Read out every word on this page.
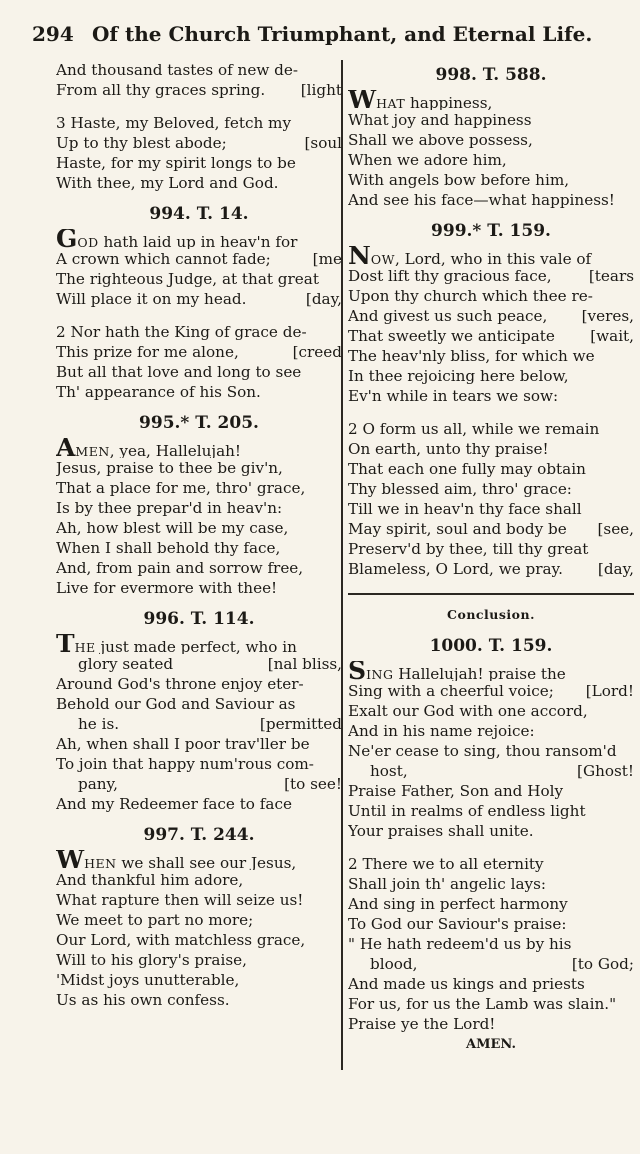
294 Of the Church Triumphant, and Eternal Life.
And thousand tastes of new de-
From all thy graces spring.	[light
3 Haste, my Beloved, fetch my
Up to thy blest abode;	[soul
Haste, for my spirit longs to be
With thee, my Lord and God.
994. T. 14.
GOD hath laid up in heav'n for
A crown which cannot fade;	[me
The righteous Judge, at that great
Will place it on my head.	[day,
2 Nor hath the King of grace de-
This prize for me alone,	[creed
But all that love and long to see
Th' appearance of his Son.
995.* T. 205.
AMEN, yea, Hallelujah!
Jesus, praise to thee be giv'n,
That a place for me, thro' grace,
Is by thee prepar'd in heav'n:
Ah, how blest will be my case,
When I shall behold thy face,
And, from pain and sorrow free,
Live for evermore with thee!
996. T. 114.
THE just made perfect, who in
glory seated	[nal bliss,
Around God's throne enjoy eter-
Behold our God and Saviour as
he is.	[permitted
Ah, when shall I poor trav'ller be
To join that happy num'rous com-
pany,	[to see!
And my Redeemer face to face
997. T. 244.
WHEN we shall see our Jesus,
And thankful him adore,
What rapture then will seize us!
We meet to part no more;
Our Lord, with matchless grace,
Will to his glory's praise,
'Midst joys unutterable,
Us as his own confess.
998. T. 588.
WHAT happiness,
What joy and happiness
Shall we above possess,
When we adore him,
With angels bow before him,
And see his face—what happiness!
999.* T. 159.
NOW, Lord, who in this vale of
Dost lift thy gracious face,	[tears
Upon thy church which thee re-
And givest us such peace,	[veres,
That sweetly we anticipate	[wait,
The heav'nly bliss, for which we
In thee rejoicing here below,
Ev'n while in tears we sow:
2 O form us all, while we remain
On earth, unto thy praise!
That each one fully may obtain
Thy blessed aim, thro' grace:
Till we in heav'n thy face shall
May spirit, soul and body be	[see,
Preserv'd by thee, till thy great
Blameless, O Lord, we pray.	[day,
Conclusion.
1000. T. 159.
SING Hallelujah! praise the
Sing with a cheerful voice;	[Lord!
Exalt our God with one accord,
And in his name rejoice:
Ne'er cease to sing, thou ransom'd
host,	[Ghost!
Praise Father, Son and Holy
Until in realms of endless light
Your praises shall unite.
2 There we to all eternity
Shall join th' angelic lays:
And sing in perfect harmony
To God our Saviour's praise:
" He hath redeem'd us by his
blood,	[to God;
And made us kings and priests
For us, for us the Lamb was slain."
Praise ye the Lord!
AMEN.
